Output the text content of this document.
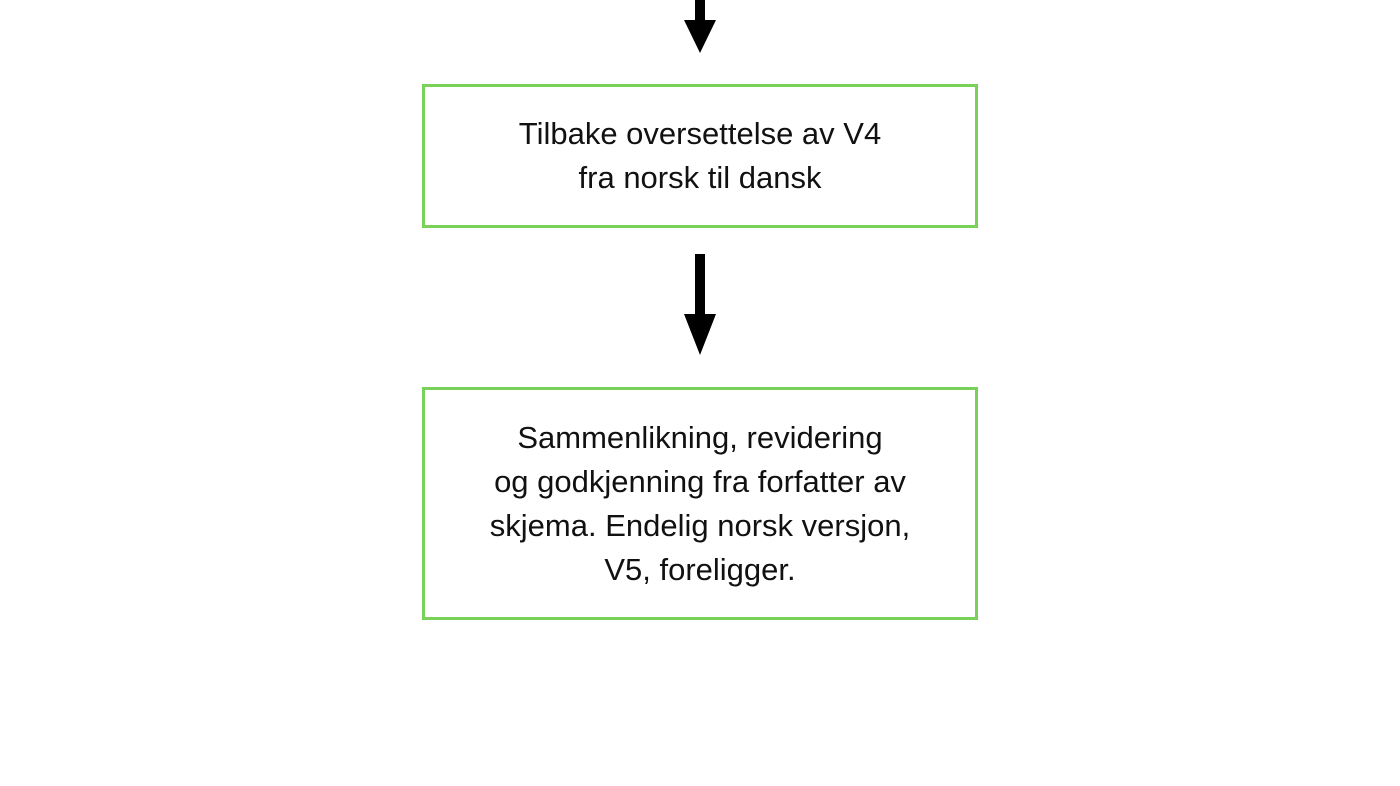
Tilbake oversettelse av V4
fra norsk til dansk
Sammenlikning, revidering
og godkjenning fra forfatter av
skjema. Endelig norsk versjon,
V5, foreligger.
